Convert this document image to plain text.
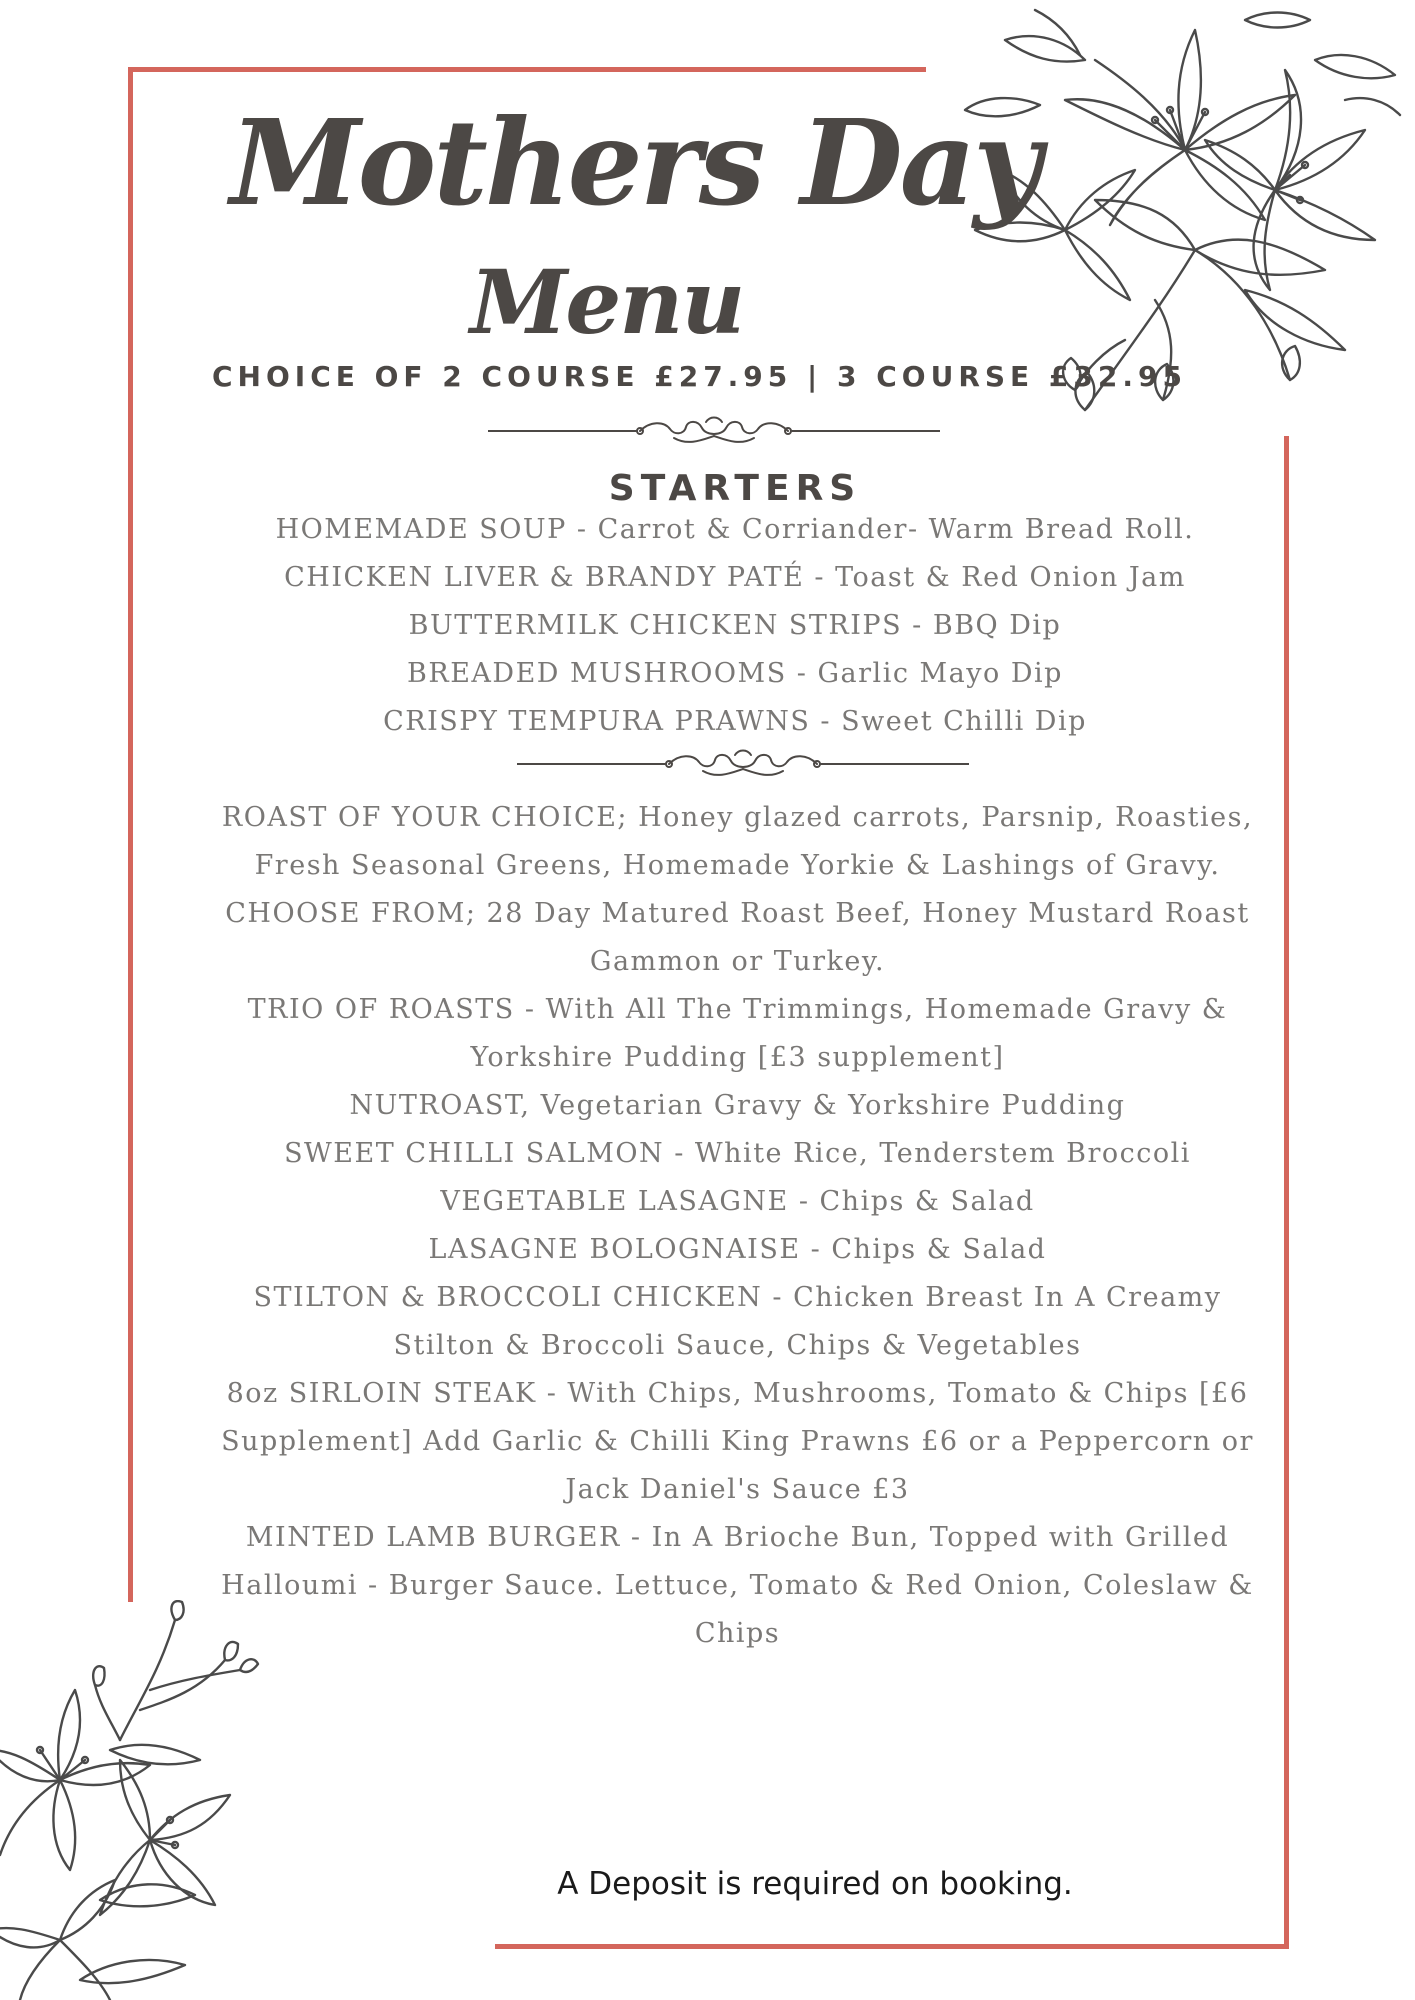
Mothers Day
Menu
CHOICE OF 2 COURSE £27.95 | 3 COURSE £32.95
STARTERS
HOMEMADE SOUP - Carrot & Corriander- Warm Bread Roll.
CHICKEN LIVER & BRANDY PATÉ - Toast & Red Onion Jam
BUTTERMILK CHICKEN STRIPS - BBQ Dip
BREADED MUSHROOMS - Garlic Mayo Dip
CRISPY TEMPURA PRAWNS - Sweet Chilli Dip
ROAST OF YOUR CHOICE; Honey glazed carrots, Parsnip, Roasties, Fresh Seasonal Greens, Homemade Yorkie & Lashings of Gravy.
CHOOSE FROM; 28 Day Matured Roast Beef, Honey Mustard Roast Gammon or Turkey.
TRIO OF ROASTS - With All The Trimmings, Homemade Gravy & Yorkshire Pudding [£3 supplement]
NUTROAST, Vegetarian Gravy & Yorkshire Pudding
SWEET CHILLI SALMON - White Rice, Tenderstem Broccoli
VEGETABLE LASAGNE - Chips & Salad
LASAGNE BOLOGNAISE - Chips & Salad
STILTON & BROCCOLI CHICKEN - Chicken Breast In A Creamy Stilton & Broccoli Sauce, Chips & Vegetables
8oz SIRLOIN STEAK - With Chips, Mushrooms, Tomato & Chips [£6 Supplement] Add Garlic & Chilli King Prawns £6 or a Peppercorn or Jack Daniel's Sauce £3
MINTED LAMB BURGER - In A Brioche Bun, Topped with Grilled Halloumi - Burger Sauce. Lettuce, Tomato & Red Onion, Coleslaw & Chips
A Deposit is required on booking.
